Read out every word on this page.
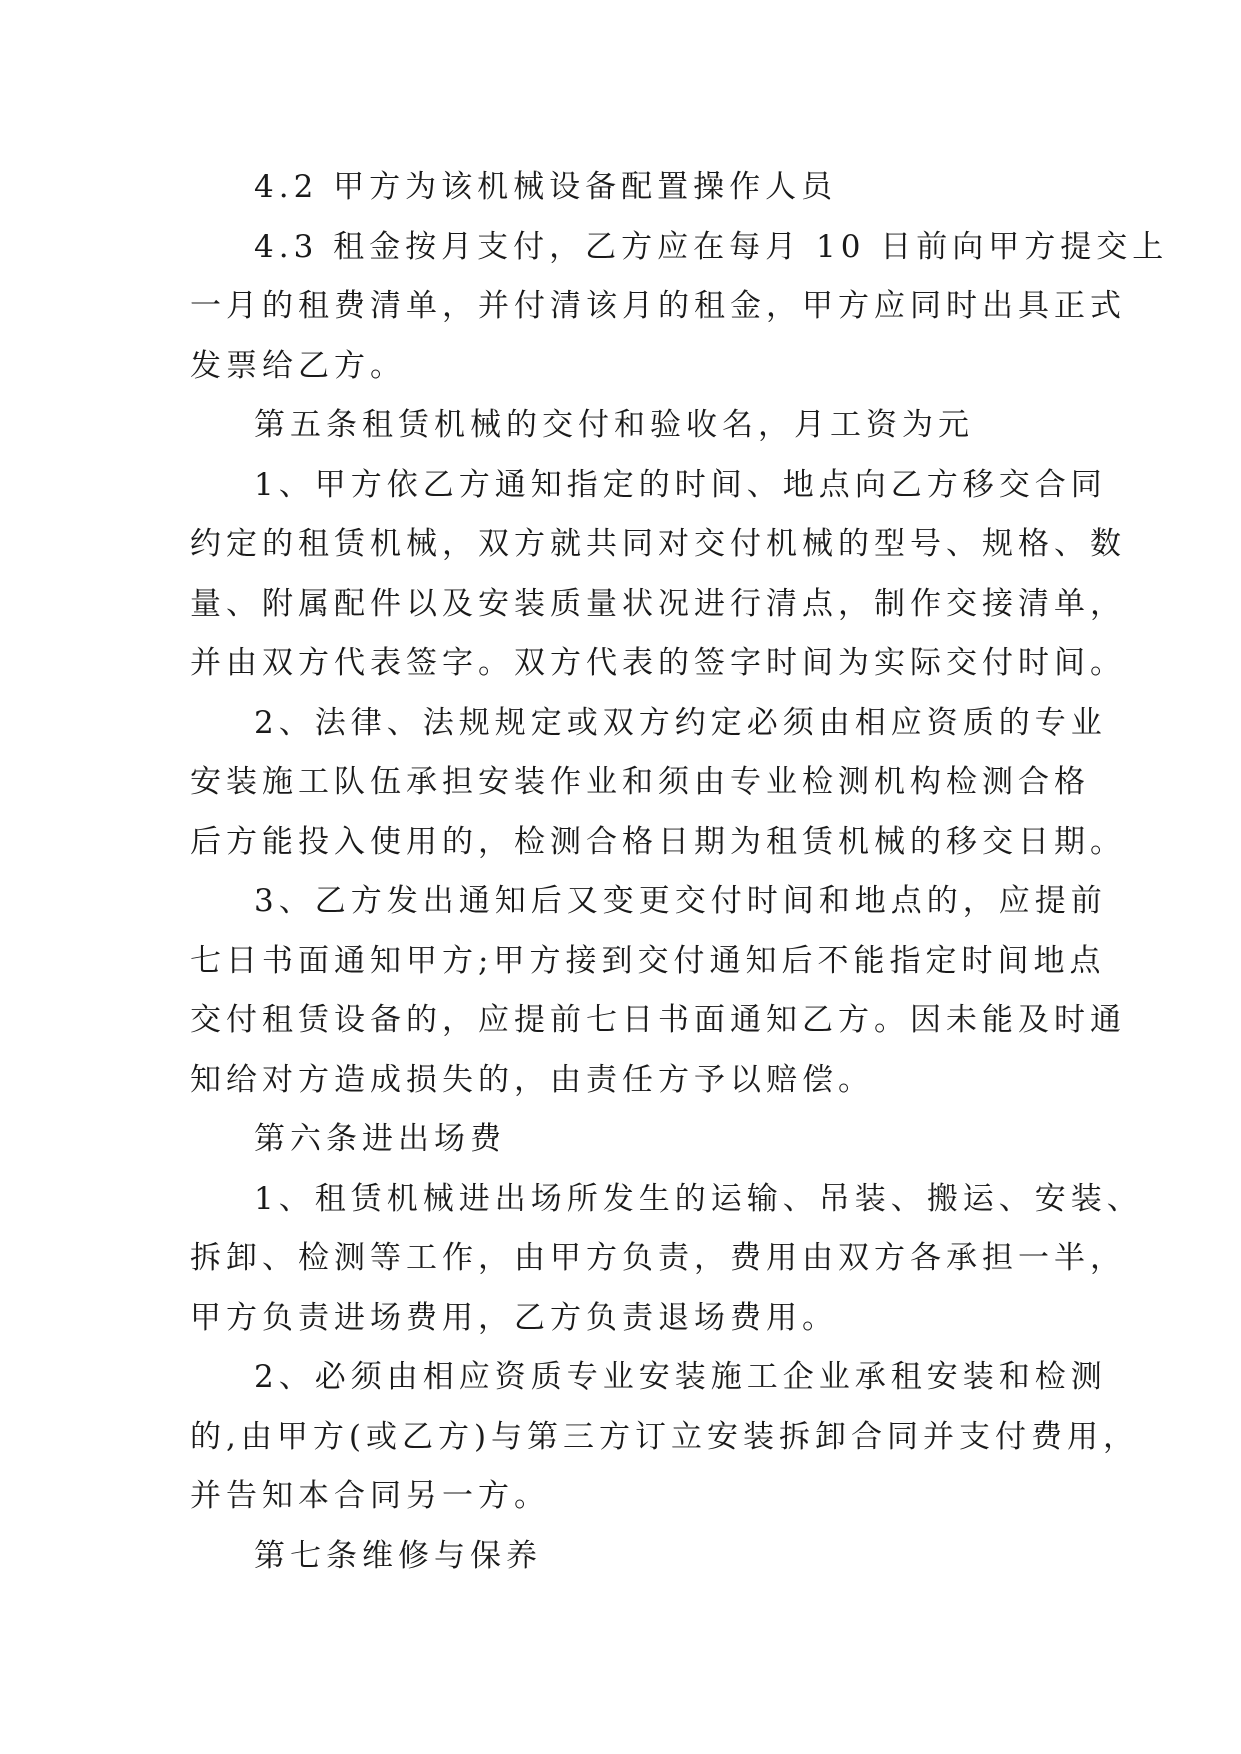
4.2 甲方为该机械设备配置操作人员
4.3 租金按月支付，乙方应在每月 10 日前向甲方提交上
一月的租费清单，并付清该月的租金，甲方应同时出具正式
发票给乙方。
第五条租赁机械的交付和验收名，月工资为元
1、甲方依乙方通知指定的时间、地点向乙方移交合同
约定的租赁机械，双方就共同对交付机械的型号、规格、数
量、附属配件以及安装质量状况进行清点，制作交接清单，
并由双方代表签字。双方代表的签字时间为实际交付时间。
2、法律、法规规定或双方约定必须由相应资质的专业
安装施工队伍承担安装作业和须由专业检测机构检测合格
后方能投入使用的，检测合格日期为租赁机械的移交日期。
3、乙方发出通知后又变更交付时间和地点的，应提前
七日书面通知甲方;甲方接到交付通知后不能指定时间地点
交付租赁设备的，应提前七日书面通知乙方。因未能及时通
知给对方造成损失的，由责任方予以赔偿。
第六条进出场费
1、租赁机械进出场所发生的运输、吊装、搬运、安装、
拆卸、检测等工作，由甲方负责，费用由双方各承担一半，
甲方负责进场费用，乙方负责退场费用。
2、必须由相应资质专业安装施工企业承租安装和检测
的,由甲方(或乙方)与第三方订立安装拆卸合同并支付费用，
并告知本合同另一方。
第七条维修与保养
